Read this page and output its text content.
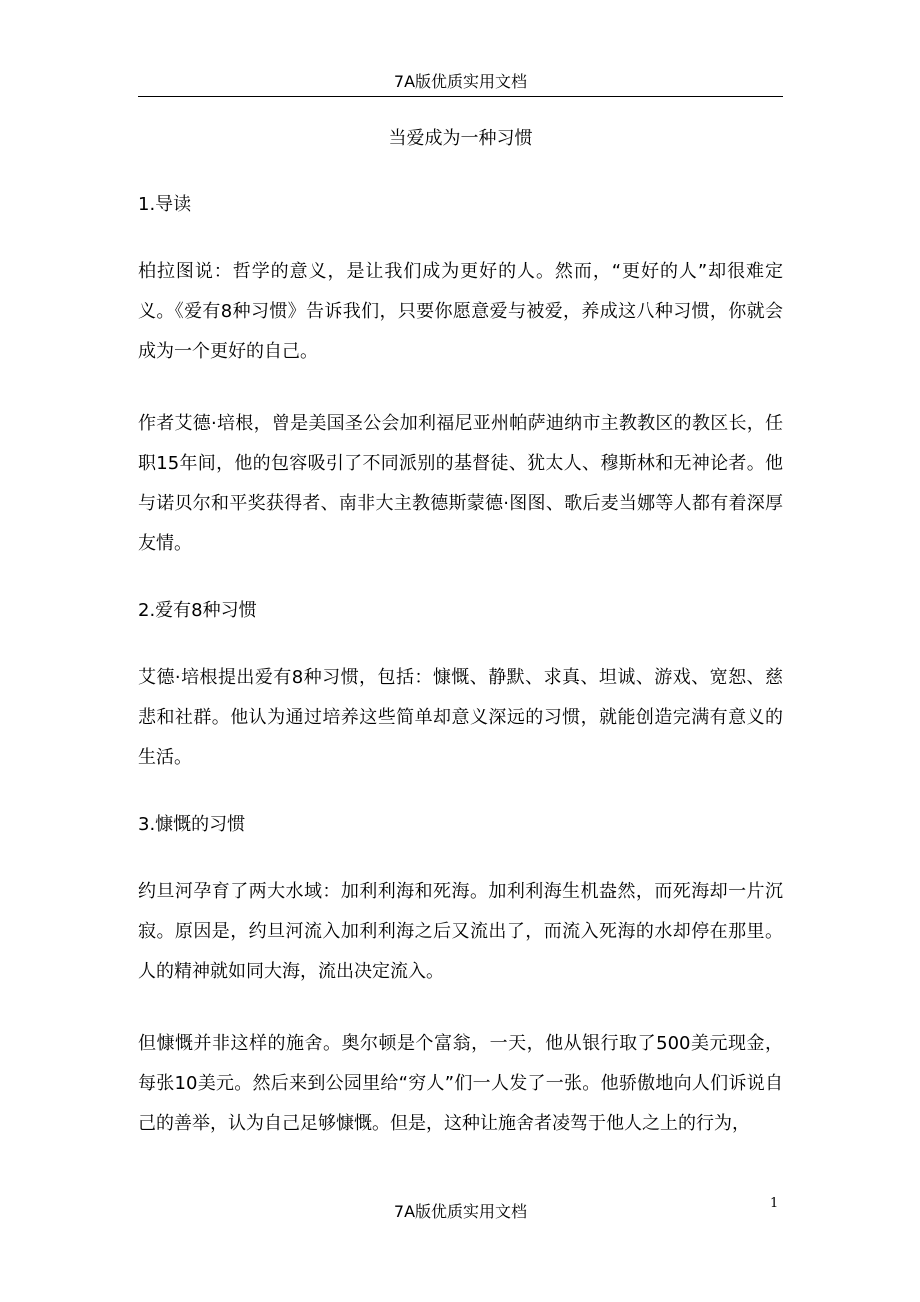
7A版优质实用文档
当爱成为一种习惯
1.导读
柏拉图说：哲学的意义，是让我们成为更好的人。然而，“更好的人”却很难定义。《爱有8种习惯》告诉我们，只要你愿意爱与被爱，养成这八种习惯，你就会成为一个更好的自己。
作者艾德·培根，曾是美国圣公会加利福尼亚州帕萨迪纳市主教教区的教区长，任职15年间，他的包容吸引了不同派别的基督徒、犹太人、穆斯林和无神论者。他与诺贝尔和平奖获得者、南非大主教德斯蒙德·图图、歌后麦当娜等人都有着深厚友情。
2.爱有8种习惯
艾德·培根提出爱有8种习惯，包括：慷慨、静默、求真、坦诚、游戏、宽恕、慈悲和社群。他认为通过培养这些简单却意义深远的习惯，就能创造完满有意义的生活。
3.慷慨的习惯
约旦河孕育了两大水域：加利利海和死海。加利利海生机盎然，而死海却一片沉寂。原因是，约旦河流入加利利海之后又流出了，而流入死海的水却停在那里。人的精神就如同大海，流出决定流入。
但慷慨并非这样的施舍。奥尔顿是个富翁，一天，他从银行取了500美元现金，每张10美元。然后来到公园里给“穷人”们一人发了一张。他骄傲地向人们诉说自己的善举，认为自己足够慷慨。但是，这种让施舍者凌驾于他人之上的行为，
1
7A版优质实用文档
